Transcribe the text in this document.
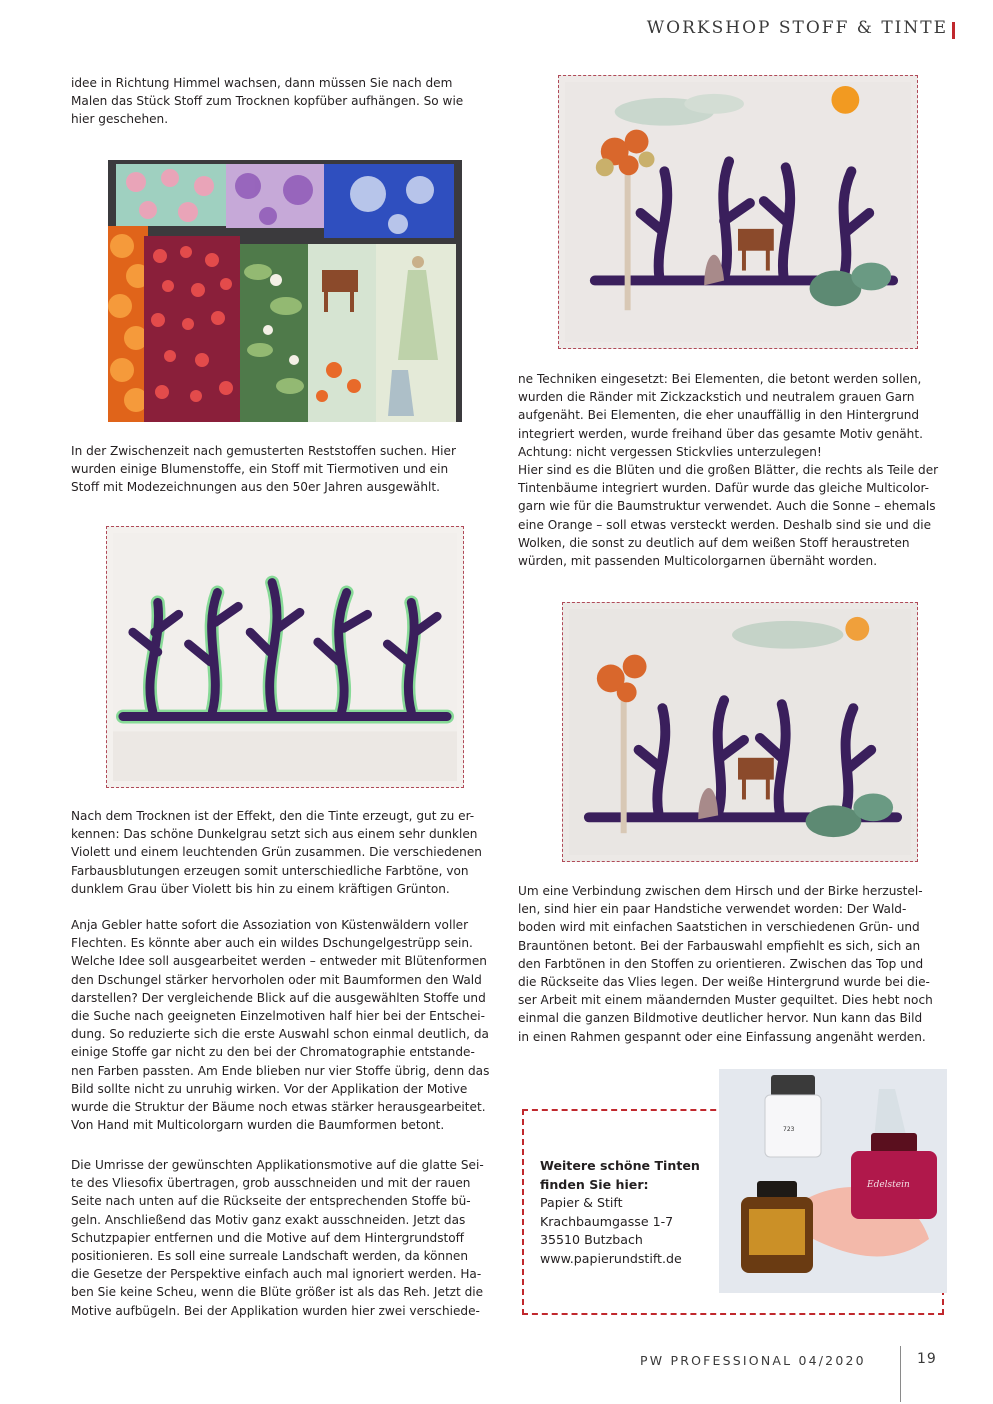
WORKSHOP STOFF & TINTE

idee in Richtung Himmel wachsen, dann müssen Sie nach dem
Malen das Stück Stoff zum Trocknen kopfüber aufhängen. So wie
hier geschehen.

In der Zwischenzeit nach gemusterten Reststoffen suchen. Hier
wurden einige Blumenstoffe, ein Stoff mit Tiermotiven und ein
Stoff mit Modezeichnungen aus den 50er Jahren ausgewählt.

Nach dem Trocknen ist der Effekt, den die Tinte erzeugt, gut zu er-
kennen: Das schöne Dunkelgrau setzt sich aus einem sehr dunklen
Violett und einem leuchtenden Grün zusammen. Die verschiedenen
Farbausblutungen erzeugen somit unterschiedliche Farbtöne, von
dunklem Grau über Violett bis hin zu einem kräftigen Grünton.

Anja Gebler hatte sofort die Assoziation von Küstenwäldern voller
Flechten. Es könnte aber auch ein wildes Dschungelgestrüpp sein.
Welche Idee soll ausgearbeitet werden – entweder mit Blütenformen
den Dschungel stärker hervorholen oder mit Baumformen den Wald
darstellen? Der vergleichende Blick auf die ausgewählten Stoffe und
die Suche nach geeigneten Einzelmotiven half hier bei der Entschei-
dung. So reduzierte sich die erste Auswahl schon einmal deutlich, da
einige Stoffe gar nicht zu den bei der Chromatographie entstande-
nen Farben passten. Am Ende blieben nur vier Stoffe übrig, denn das
Bild sollte nicht zu unruhig wirken. Vor der Applikation der Motive
wurde die Struktur der Bäume noch etwas stärker herausgearbeitet.
Von Hand mit Multicolorgarn wurden die Baumformen betont.

Die Umrisse der gewünschten Applikationsmotive auf die glatte Sei-
te des Vliesofix übertragen, grob ausschneiden und mit der rauen
Seite nach unten auf die Rückseite der entsprechenden Stoffe bü-
geln. Anschließend das Motiv ganz exakt ausschneiden. Jetzt das
Schutzpapier entfernen und die Motive auf dem Hintergrundstoff
positionieren. Es soll eine surreale Landschaft werden, da können
die Gesetze der Perspektive einfach auch mal ignoriert werden. Ha-
ben Sie keine Scheu, wenn die Blüte größer ist als das Reh. Jetzt die
Motive aufbügeln. Bei der Applikation wurden hier zwei verschiede-

ne Techniken eingesetzt: Bei Elementen, die betont werden sollen,
wurden die Ränder mit Zickzackstich und neutralem grauen Garn
aufgenäht. Bei Elementen, die eher unauffällig in den Hintergrund
integriert werden, wurde freihand über das gesamte Motiv genäht.
Achtung: nicht vergessen Stickvlies unterzulegen!
Hier sind es die Blüten und die großen Blätter, die rechts als Teile der
Tintenbäume integriert wurden. Dafür wurde das gleiche Multicolor-
garn wie für die Baumstruktur verwendet. Auch die Sonne – ehemals
eine Orange – soll etwas versteckt werden. Deshalb sind sie und die
Wolken, die sonst zu deutlich auf dem weißen Stoff heraustreten
würden, mit passenden Multicolorgarnen übernäht worden.

Um eine Verbindung zwischen dem Hirsch und der Birke herzustel-
len, sind hier ein paar Handstiche verwendet worden: Der Wald-
boden wird mit einfachen Saatstichen in verschiedenen Grün- und
Brauntönen betont. Bei der Farbauswahl empfiehlt es sich, sich an
den Farbtönen in den Stoffen zu orientieren. Zwischen das Top und
die Rückseite das Vlies legen. Der weiße Hintergrund wurde bei die-
ser Arbeit mit einem mäandernden Muster gequiltet. Dies hebt noch
einmal die ganzen Bildmotive deutlicher hervor. Nun kann das Bild
in einen Rahmen gespannt oder eine Einfassung angenäht werden.

Weitere schöne Tinten
finden Sie hier:

Papier & Stift

Krachbaumgasse 1-7

35510 Butzbach

www.papierundstift.de

723
Edelstein
PW PROFESSIONAL 04/2020	19
